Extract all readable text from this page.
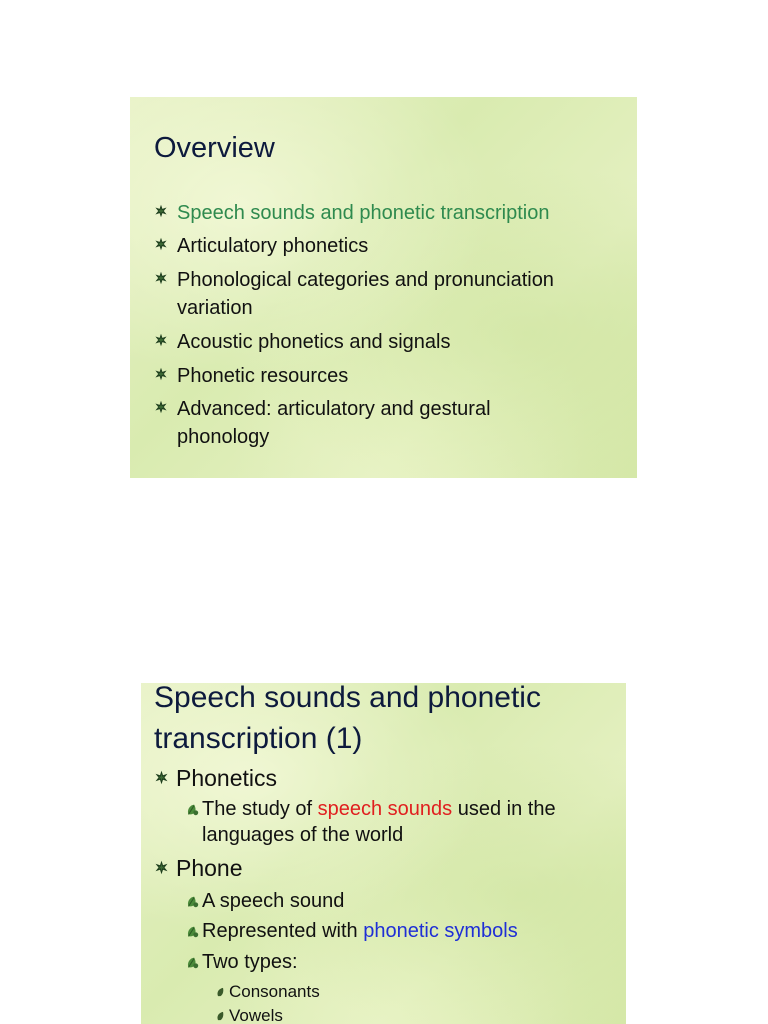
Overview
Speech sounds and phonetic transcription
Articulatory phonetics
Phonological categories and pronunciation
variation
Acoustic phonetics and signals
Phonetic resources
Advanced: articulatory and gestural
phonology
Speech sounds and phonetic
transcription (1)
Phonetics
The study of speech sounds used in the
languages of the world
Phone
A speech sound
Represented with phonetic symbols
Two types:
Consonants
Vowels
